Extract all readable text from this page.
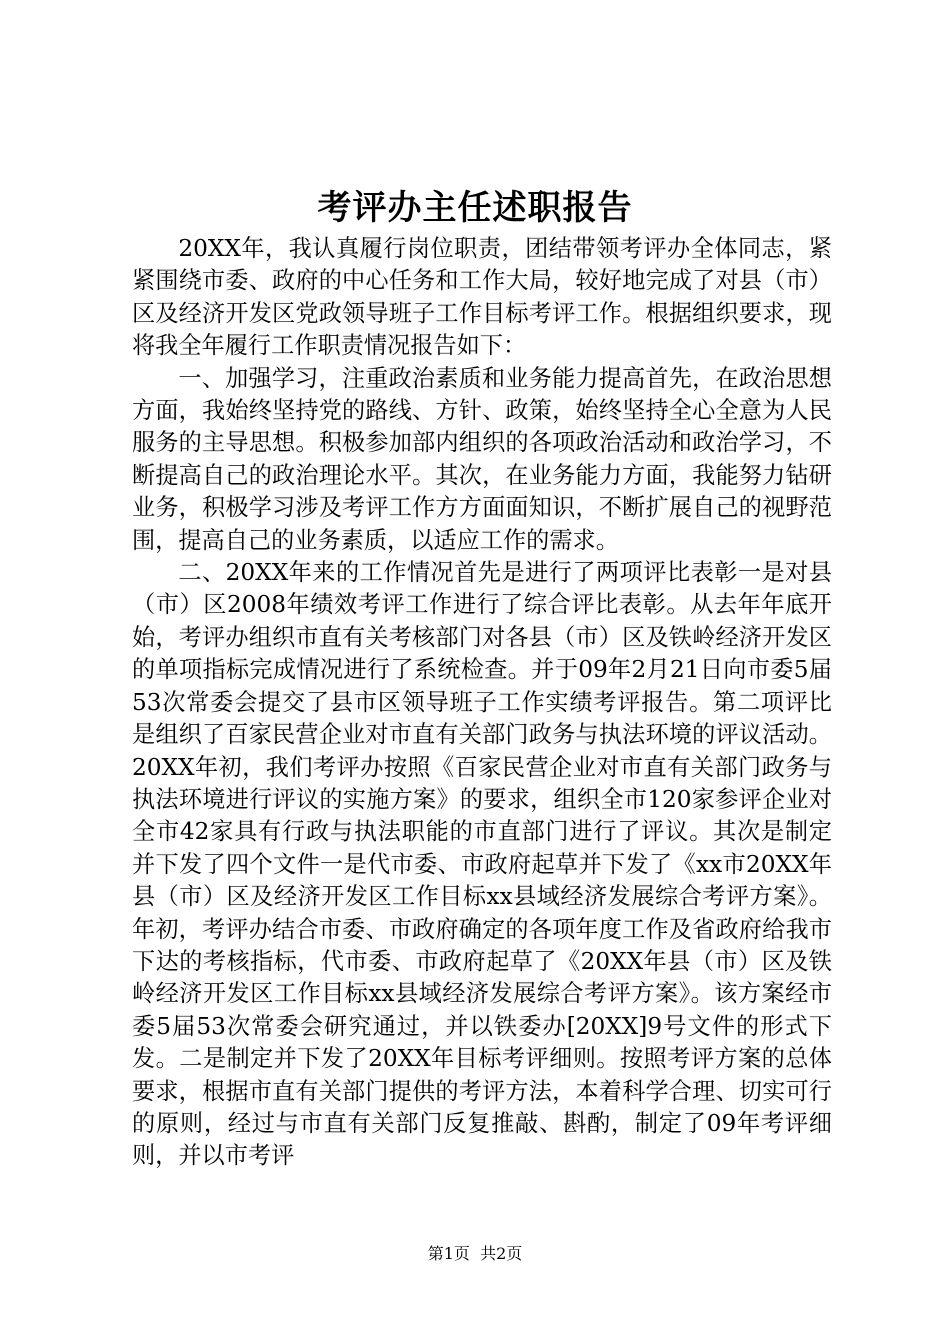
考评办主任述职报告

20XX年，我认真履行岗位职责，团结带领考评办全体同志，紧紧围绕市委、政府的中心任务和工作大局，较好地完成了对县（市）区及经济开发区党政领导班子工作目标考评工作。根据组织要求，现将我全年履行工作职责情况报告如下：

一、加强学习，注重政治素质和业务能力提高首先，在政治思想方面，我始终坚持党的路线、方针、政策，始终坚持全心全意为人民服务的主导思想。积极参加部内组织的各项政治活动和政治学习，不断提高自己的政治理论水平。其次，在业务能力方面，我能努力钻研业务，积极学习涉及考评工作方方面面知识，不断扩展自己的视野范围，提高自己的业务素质，以适应工作的需求。

二、20XX年来的工作情况首先是进行了两项评比表彰一是对县（市）区2008年绩效考评工作进行了综合评比表彰。从去年年底开始，考评办组织市直有关考核部门对各县（市）区及铁岭经济开发区的单项指标完成情况进行了系统检查。并于09年2月21日向市委5届53次常委会提交了县市区领导班子工作实绩考评报告。第二项评比是组织了百家民营企业对市直有关部门政务与执法环境的评议活动。20XX年初，我们考评办按照《百家民营企业对市直有关部门政务与执法环境进行评议的实施方案》的要求，组织全市120家参评企业对全市42家具有行政与执法职能的市直部门进行了评议。其次是制定并下发了四个文件一是代市委、市政府起草并下发了《xx市20XX年县（市）区及经济开发区工作目标xx县域经济发展综合考评方案》。年初，考评办结合市委、市政府确定的各项年度工作及省政府给我市下达的考核指标，代市委、市政府起草了《20XX年县（市）区及铁岭经济开发区工作目标xx县域经济发展综合考评方案》。该方案经市委5届53次常委会研究通过，并以铁委办[20XX]9号文件的形式下发。二是制定并下发了20XX年目标考评细则。按照考评方案的总体要求，根据市直有关部门提供的考评方法，本着科学合理、切实可行的原则，经过与市直有关部门反复推敲、斟酌，制定了09年考评细则，并以市考评

第1页 共2页
